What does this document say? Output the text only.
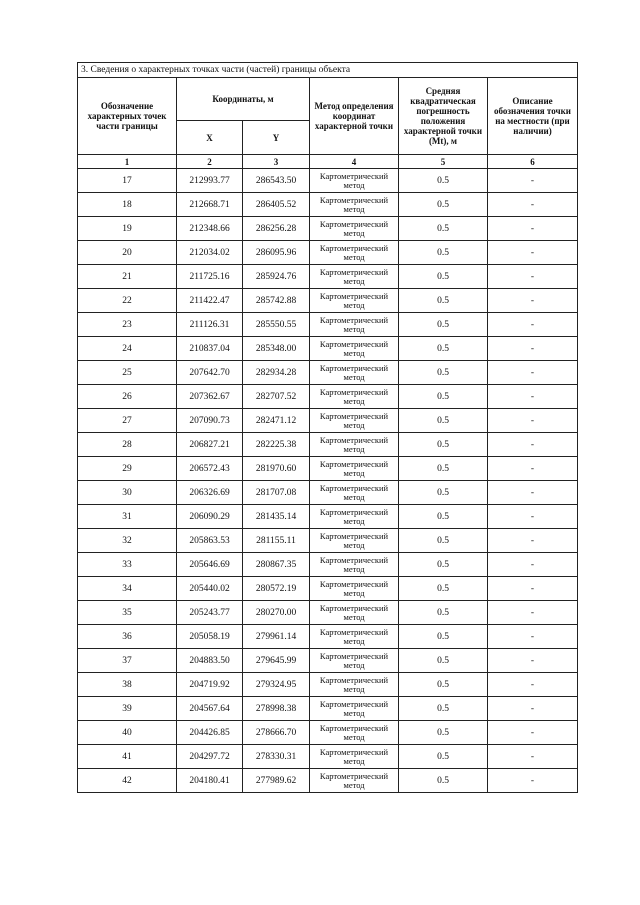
3. Сведения о характерных точках части (частей) границы объекта					

Обозначение характерных точек части границы	Координаты, м		Метод определения координат характерной точки	Средняя квадратическая погрешность положения характерной точки (Mt), м	Описание обозначения точки на местности (при наличии)

	X	Y			
1	2	3	4	5	6
17	212993.77	286543.50	Картометрический метод	0.5	-
18	212668.71	286405.52	Картометрический метод	0.5	-
19	212348.66	286256.28	Картометрический метод	0.5	-
20	212034.02	286095.96	Картометрический метод	0.5	-
21	211725.16	285924.76	Картометрический метод	0.5	-
22	211422.47	285742.88	Картометрический метод	0.5	-
23	211126.31	285550.55	Картометрический метод	0.5	-
24	210837.04	285348.00	Картометрический метод	0.5	-
25	207642.70	282934.28	Картометрический метод	0.5	-
26	207362.67	282707.52	Картометрический метод	0.5	-
27	207090.73	282471.12	Картометрический метод	0.5	-
28	206827.21	282225.38	Картометрический метод	0.5	-
29	206572.43	281970.60	Картометрический метод	0.5	-
30	206326.69	281707.08	Картометрический метод	0.5	-
31	206090.29	281435.14	Картометрический метод	0.5	-
32	205863.53	281155.11	Картометрический метод	0.5	-
33	205646.69	280867.35	Картометрический метод	0.5	-
34	205440.02	280572.19	Картометрический метод	0.5	-
35	205243.77	280270.00	Картометрический метод	0.5	-
36	205058.19	279961.14	Картометрический метод	0.5	-
37	204883.50	279645.99	Картометрический метод	0.5	-
38	204719.92	279324.95	Картометрический метод	0.5	-
39	204567.64	278998.38	Картометрический метод	0.5	-
40	204426.85	278666.70	Картометрический метод	0.5	-
41	204297.72	278330.31	Картометрический метод	0.5	-
42	204180.41	277989.62	Картометрический метод	0.5	-
